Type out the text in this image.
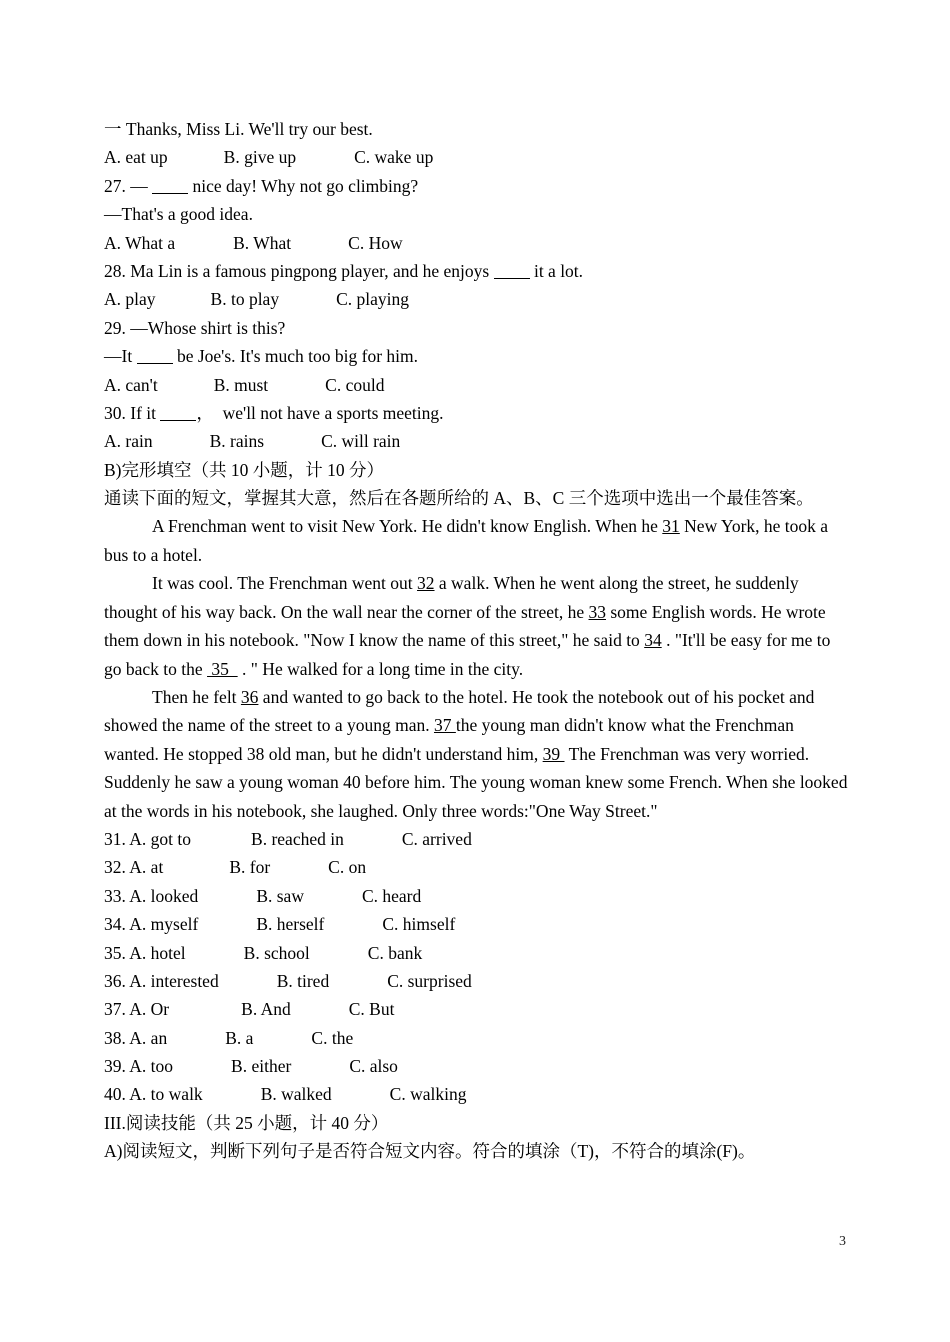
一 Thanks, Miss Li. We'll try our best.
A. eat up	B. give up	C. wake up
27. —  nice day! Why not go climbing?
—That's a good idea.
A. What a	B. What	C. How
28. Ma Lin is a famous pingpong player, and he enjoys  it a lot.
A. play	B. to play	C. playing
29. —Whose shirt is this?
—It  be Joe's. It's much too big for him.
A. can't	B. must	C. could
30. If it ，  we'll not have a sports meeting.
A. rain	B. rains	C. will rain
B)完形填空（共 10 小题，计 10 分）
通读下面的短文，掌握其大意，然后在各题所给的 A、B、C 三个选项中选出一个最佳答案。
A Frenchman went to visit New York. He didn't know English. When he 31 New York, he took a bus to a hotel.
It was cool. The Frenchman went out 32 a walk. When he went along the street, he suddenly thought of his way back. On the wall near the corner of the street, he 33 some English words. He wrote them down in his notebook. "Now I know the name of this street," he said to 34 . "It'll be easy for me to go back to the  35   . " He walked for a long time in the city.
Then he felt 36 and wanted to go back to the hotel. He took the notebook out of his pocket and showed the name of the street to a young man. 37 the young man didn't know what the Frenchman wanted. He stopped 38 old man, but he didn't understand him, 39  The Frenchman was very worried. Suddenly he saw a young woman 40 before him. The young woman knew some French. When she looked at the words in his notebook, she laughed. Only three words:"One Way Street."
31. A. got to	B. reached in	C. arrived
32. A. at	B. for	C. on
33. A. looked	B. saw	C. heard
34. A. myself	B. herself	C. himself
35. A. hotel	B. school	C. bank
36. A. interested	B. tired	C. surprised
37. A. Or	B. And	C. But
38. A. an	B. a	C. the
39. A. too	B. either	C. also
40. A. to walk	B. walked	C. walking
III.阅读技能（共 25 小题，计 40 分）
A)阅读短文，判断下列句子是否符合短文内容。符合的填涂（T)，不符合的填涂(F)。
3
